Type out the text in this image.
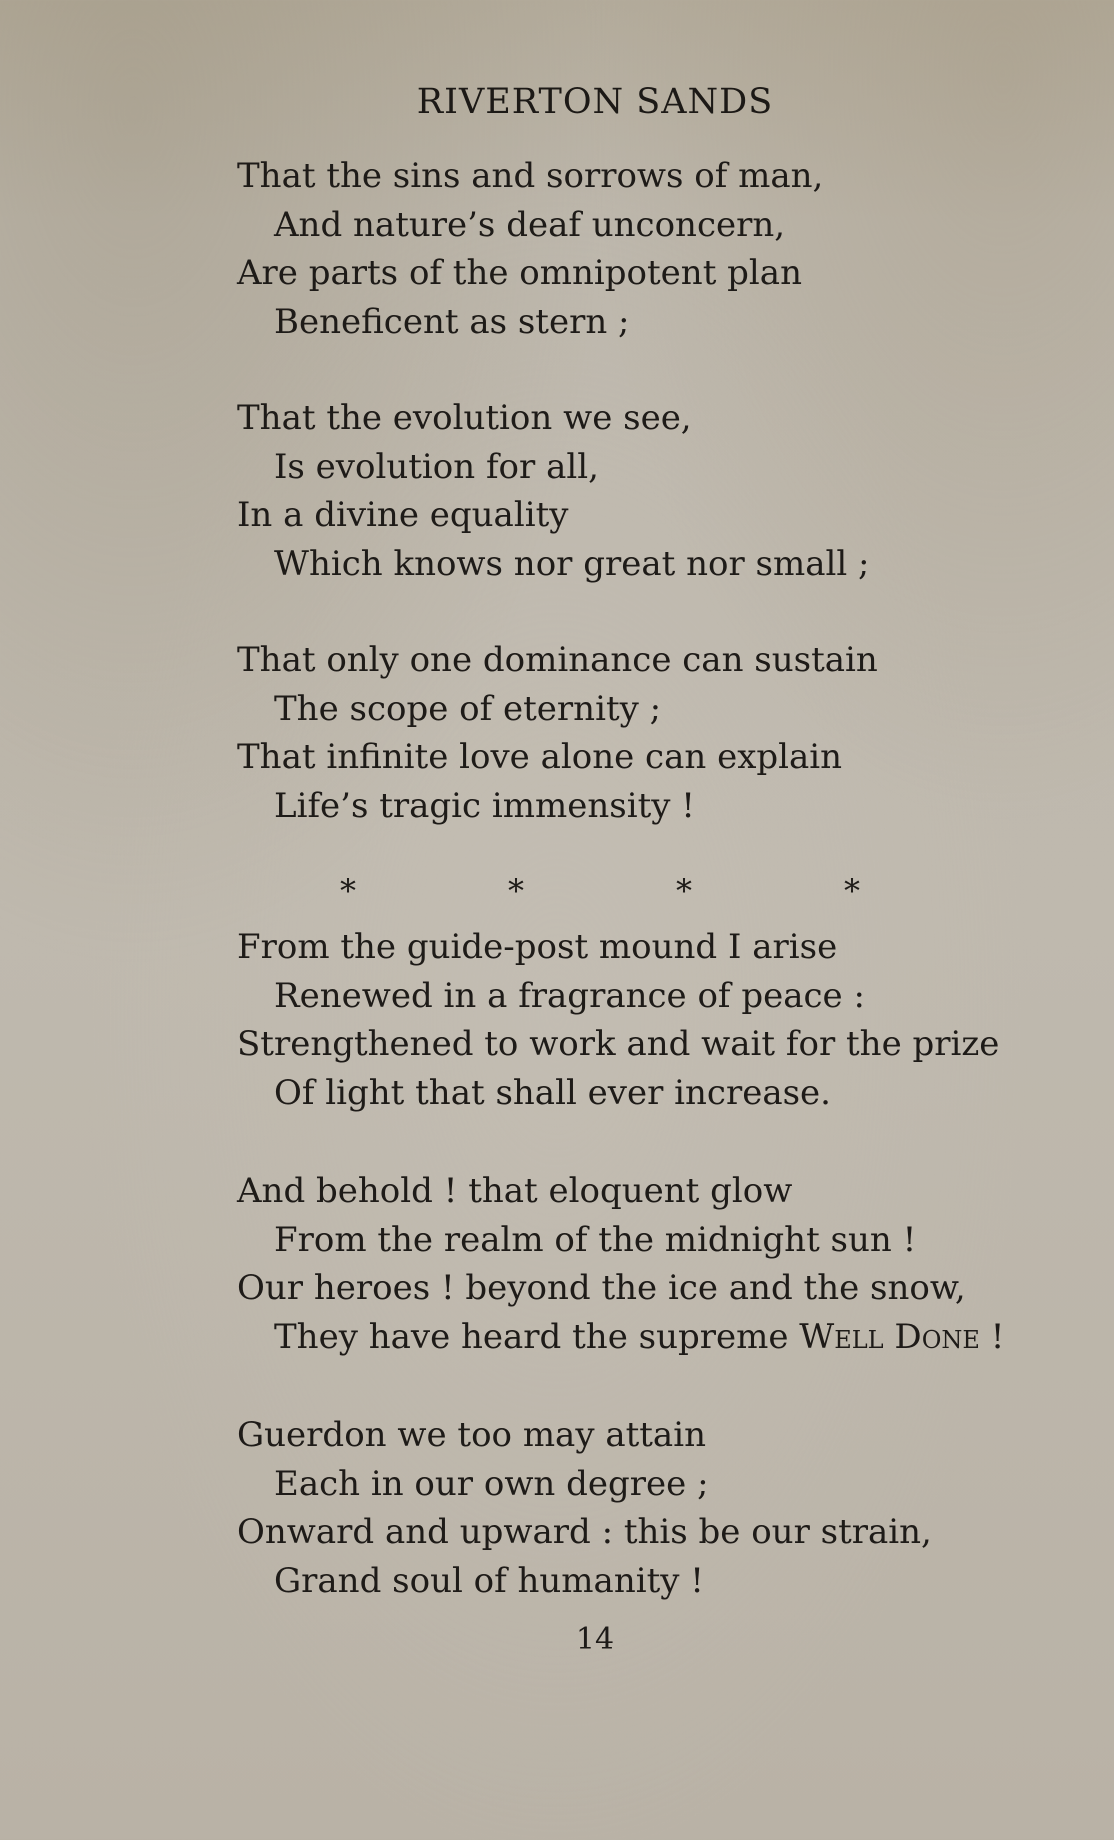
RIVERTON SANDS
That the sins and sorrows of man,
And nature’s deaf unconcern,
Are parts of the omnipotent plan
Beneficent as stern ;
That the evolution we see,
Is evolution for all,
In a divine equality
Which knows nor great nor small ;
That only one dominance can sustain
The scope of eternity ;
That infinite love alone can explain
Life’s tragic immensity !
*	*	*	*
From the guide-post mound I arise
Renewed in a fragrance of peace :
Strengthened to work and wait for the prize
Of light that shall ever increase.
And behold ! that eloquent glow
From the realm of the midnight sun !
Our heroes ! beyond the ice and the snow,
They have heard the supreme Well Done !
Guerdon we too may attain
Each in our own degree ;
Onward and upward : this be our strain,
Grand soul of humanity !
14
